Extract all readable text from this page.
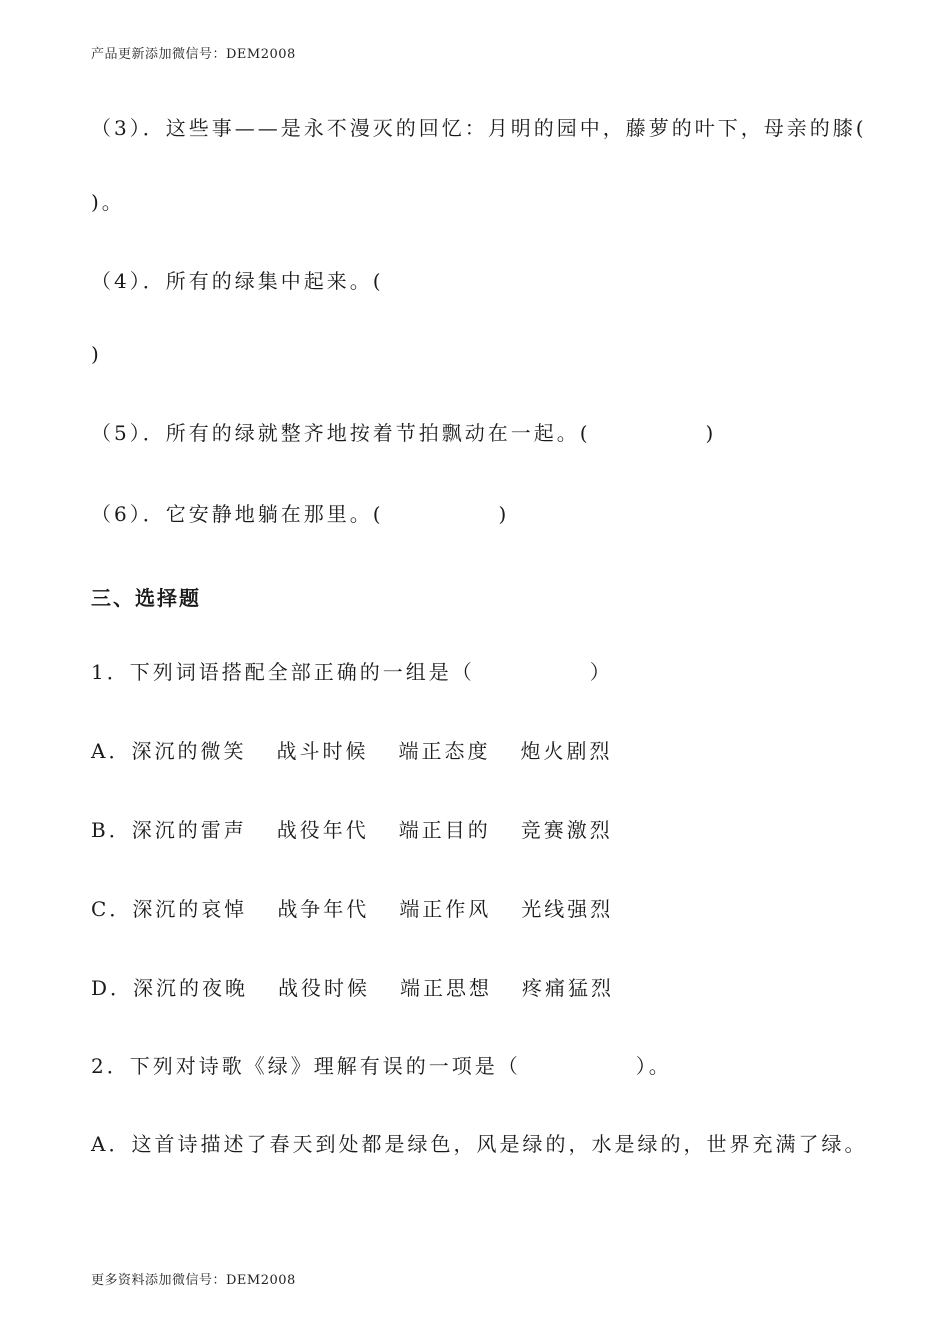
产品更新添加微信号：DEM2008
（3）．这些事——是永不漫灭的回忆：月明的园中，藤萝的叶下，母亲的膝(
)。
（4）．所有的绿集中起来。(
)
（5）．所有的绿就整齐地按着节拍飘动在一起。(　　　　　)
（6）．它安静地躺在那里。(　　　　　)
三、选择题
1．下列词语搭配全部正确的一组是（　　　　　）
A．深沉的微笑 战斗时候 端正态度 炮火剧烈
B．深沉的雷声 战役年代 端正目的 竞赛激烈
C．深沉的哀悼 战争年代 端正作风 光线强烈
D．深沉的夜晚 战役时候 端正思想 疼痛猛烈
2．下列对诗歌《绿》理解有误的一项是（　　　　　）。
A．这首诗描述了春天到处都是绿色，风是绿的，水是绿的，世界充满了绿。
更多资料添加微信号：DEM2008
